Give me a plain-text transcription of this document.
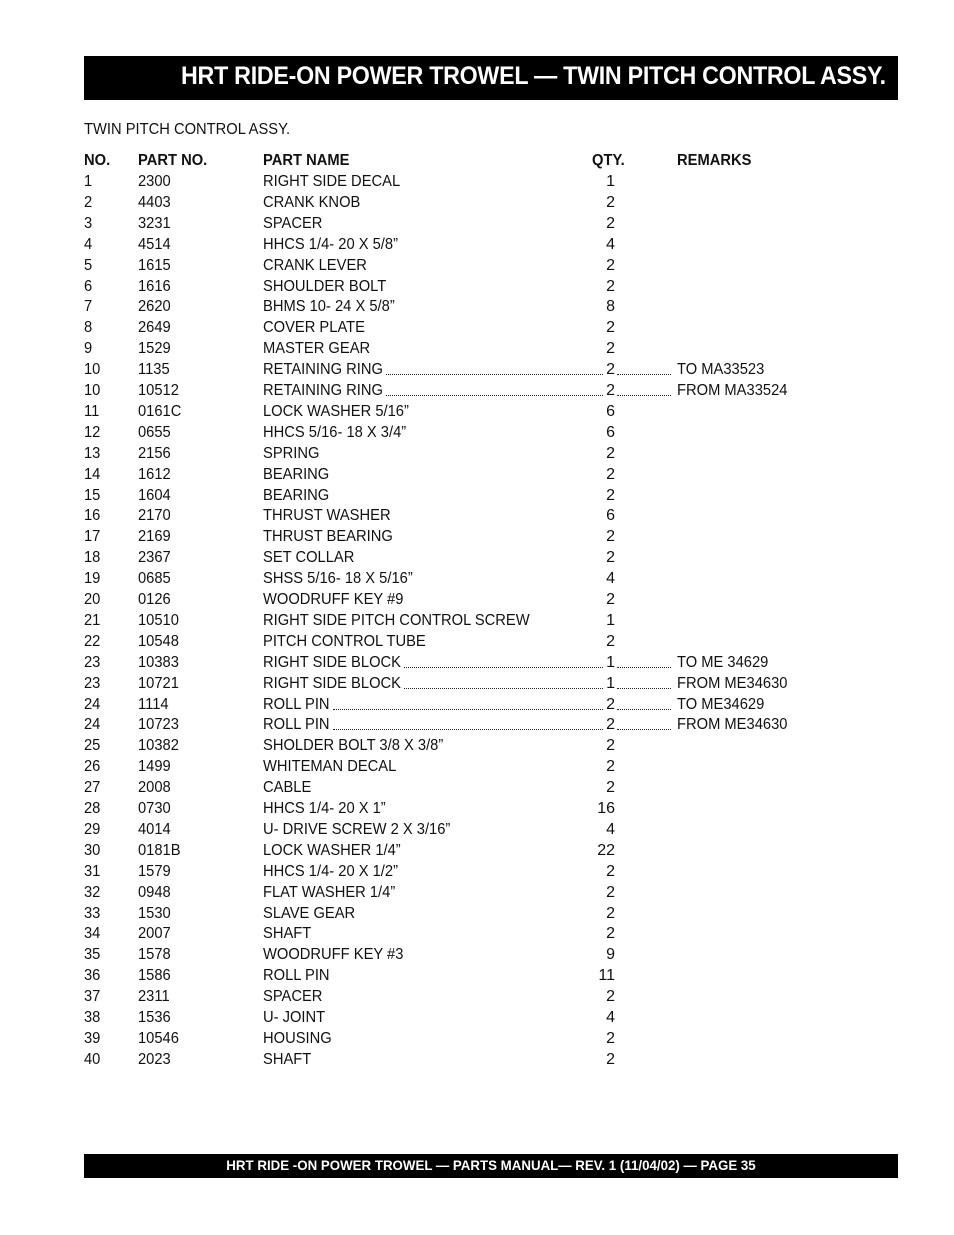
HRT RIDE-ON POWER TROWEL — TWIN PITCH CONTROL ASSY.
TWIN PITCH CONTROL ASSY.
NO. PART NO.	PART NAME	QTY.	REMARKS
1	2300	RIGHT SIDE DECAL	1
2	4403	CRANK KNOB	2
3	3231	SPACER	2
4	4514	HHCS 1/4- 20 X 5/8”	4
5	1615	CRANK LEVER	2
6	1616	SHOULDER BOLT	2
7	2620	BHMS 10- 24 X 5/8”	8
8	2649	COVER PLATE	2
9	1529	MASTER GEAR	2
10 1135	RETAINING RING	2	TO MA33523
10 10512	RETAINING RING	2	FROM MA33524
11 0161C	LOCK WASHER 5/16”	6
12 0655	HHCS 5/16- 18 X 3/4”	6
13 2156	SPRING	2
14 1612	BEARING	2
15 1604	BEARING	2
16 2170	THRUST WASHER	6
17 2169	THRUST BEARING	2
18 2367	SET COLLAR	2
19 0685	SHSS 5/16- 18 X 5/16”	4
20 0126	WOODRUFF KEY #9	2
21 10510	RIGHT SIDE PITCH CONTROL SCREW	1
22 10548	PITCH CONTROL TUBE	2
23 10383	RIGHT SIDE BLOCK	1	TO ME 34629
23 10721	RIGHT SIDE BLOCK	1	FROM ME34630
24 1114	ROLL PIN	2	TO ME34629
24 10723	ROLL PIN	2	FROM ME34630
25 10382	SHOLDER BOLT 3/8 X 3/8”	2
26 1499	WHITEMAN DECAL	2
27 2008	CABLE	2
28 0730	HHCS 1/4- 20 X 1”	16
29 4014	U- DRIVE SCREW 2 X 3/16”	4
30 0181B	LOCK WASHER 1/4”	22
31 1579	HHCS 1/4- 20 X 1/2”	2
32 0948	FLAT WASHER 1/4”	2
33 1530	SLAVE GEAR	2
34 2007	SHAFT	2
35 1578	WOODRUFF KEY #3	9
36 1586	ROLL PIN	11
37 2311	SPACER	2
38 1536	U- JOINT	4
39 10546	HOUSING	2
40 2023	SHAFT	2
HRT RIDE -ON POWER TROWEL — PARTS MANUAL— REV. 1 (11/04/02) — PAGE 35
